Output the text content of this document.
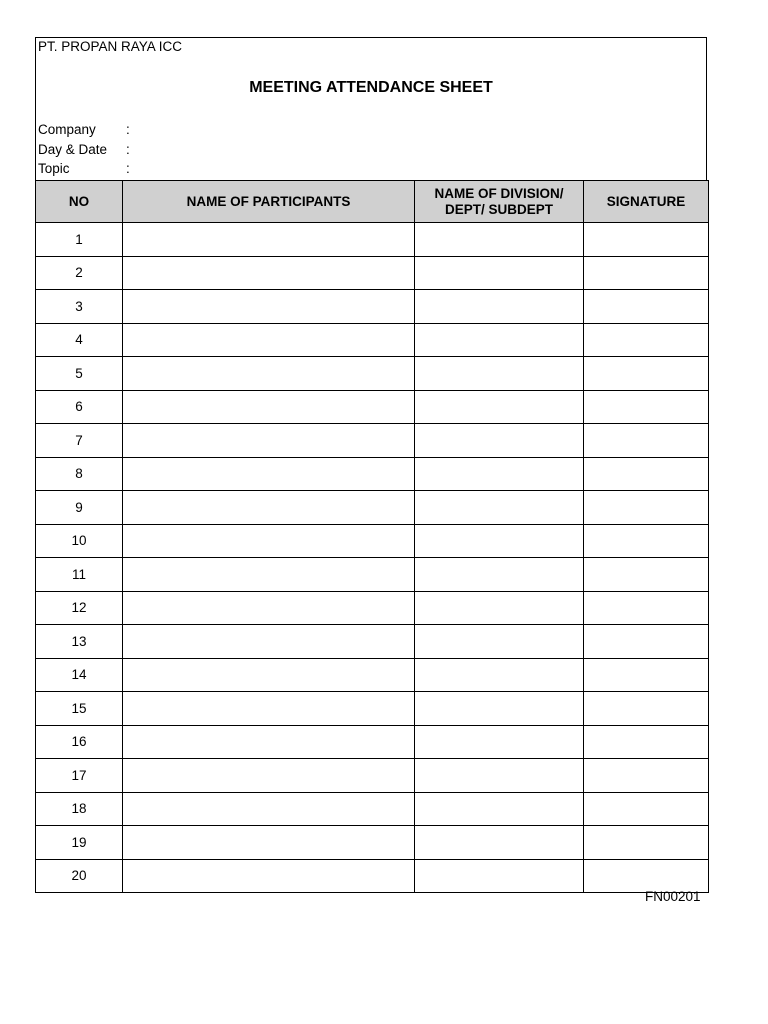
PT. PROPAN RAYA ICC
MEETING ATTENDANCE SHEET
Company :
Day & Date :
Topic	:
NO	NAME OF PARTICIPANTS	NAME OF DIVISION/ DEPT/ SUBDEPT	SIGNATURE
1			
2			
3			
4			
5			
6			
7			
8			
9			
10			
11			
12			
13			
14			
15			
16			
17			
18			
19			
20			
FN00201
